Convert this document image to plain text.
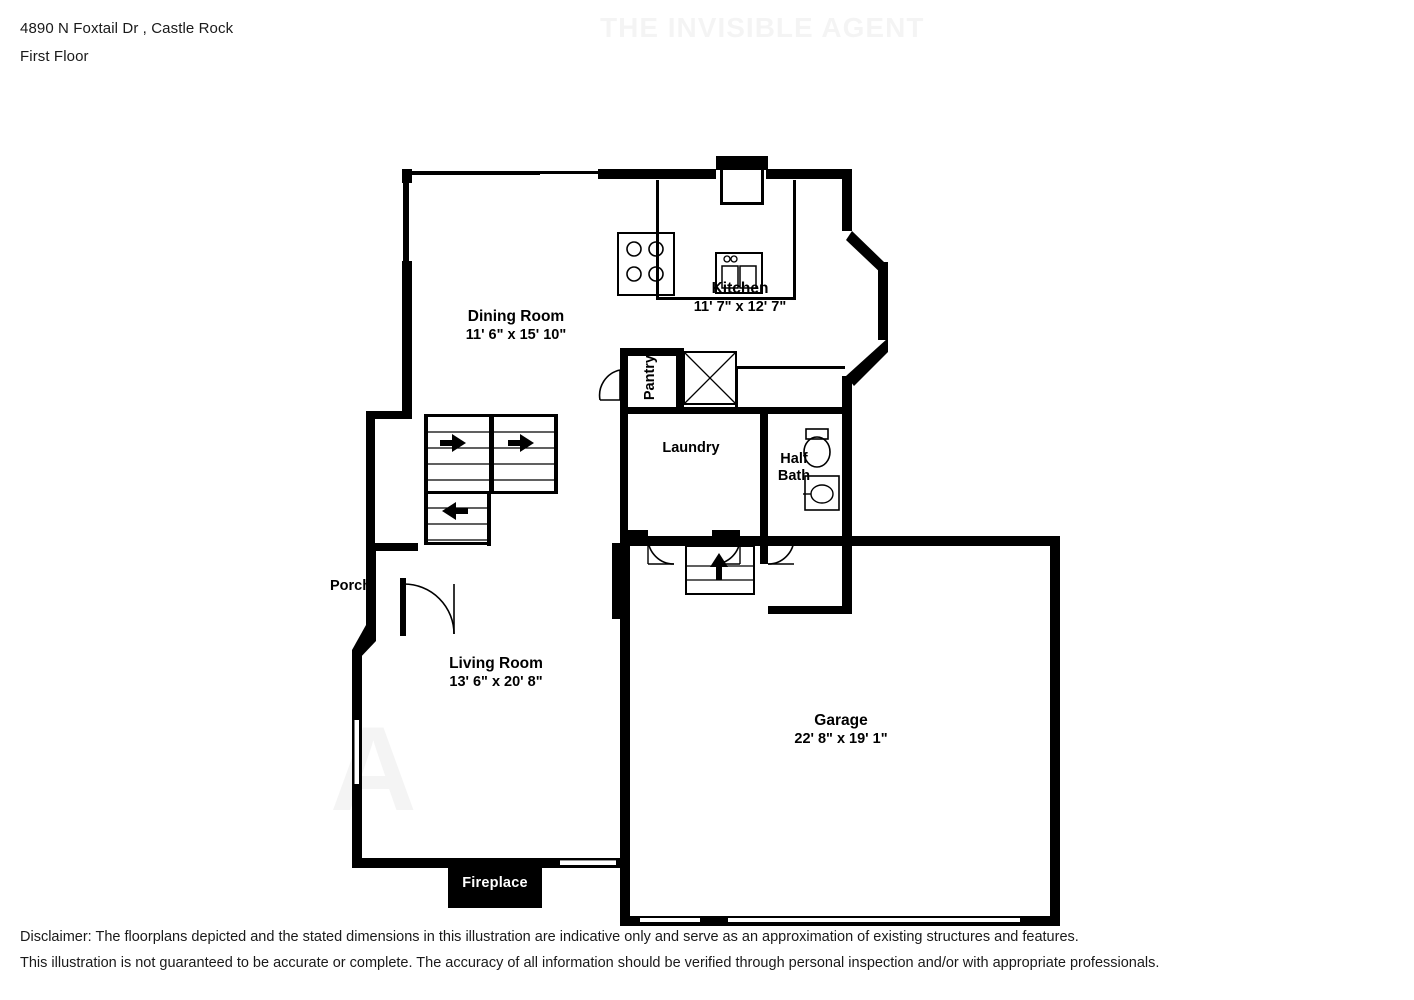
4890 N Foxtail Dr , Castle Rock
First Floor
Dining Room
11' 6" x 15' 10"
Kitchen
11' 7" x 12' 7"
Living Room
13' 6" x 20' 8"
Garage
22' 8" x 19' 1"
Laundry
Half
Bath
Pantry
Porch
Fireplace
Disclaimer: The floorplans depicted and the stated dimensions in this illustration are indicative only and serve as an approximation of existing structures and features.
This illustration is not guaranteed to be accurate or complete. The accuracy of all information should be verified through personal inspection and/or with appropriate professionals.
